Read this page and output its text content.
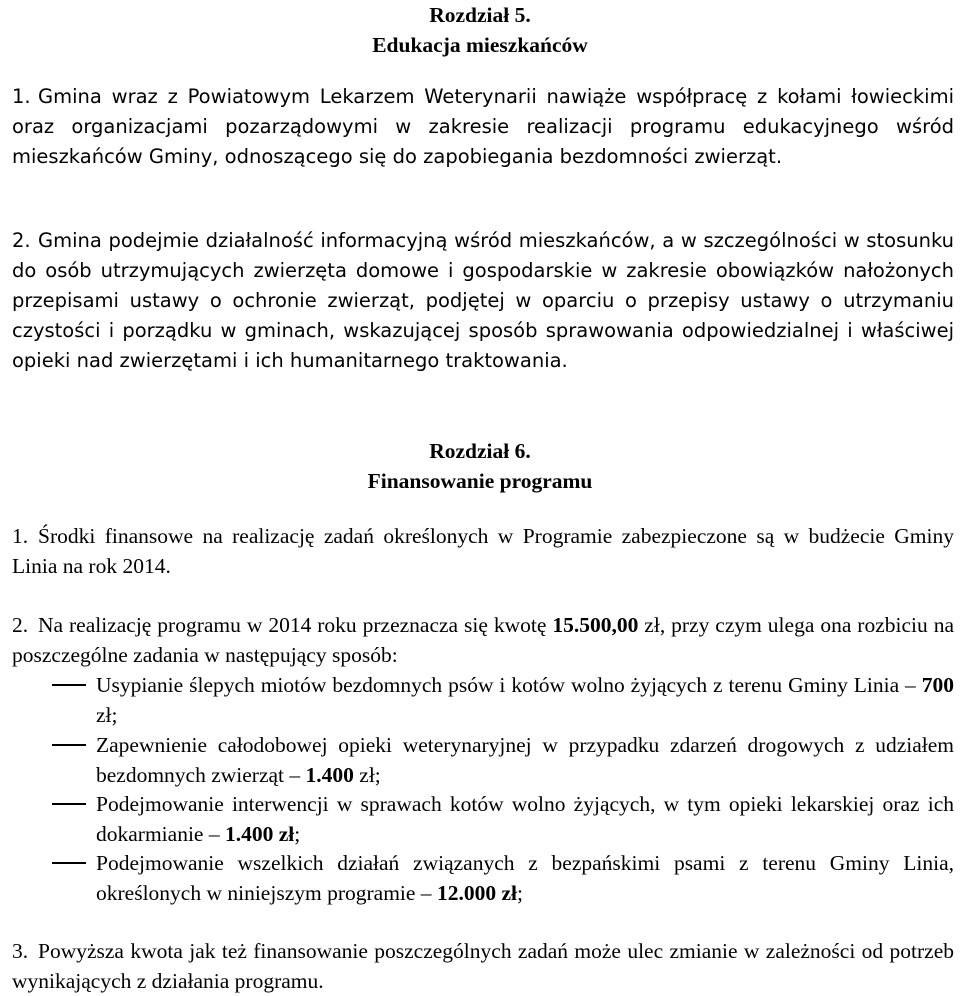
Rozdział 5.
Edukacja mieszkańców
1. Gmina wraz z Powiatowym Lekarzem Weterynarii nawiąże współpracę z kołami łowieckimi oraz organizacjami pozarządowymi w zakresie realizacji programu edukacyjnego wśród mieszkańców Gminy, odnoszącego się do zapobiegania bezdomności zwierząt.
2. Gmina podejmie działalność informacyjną wśród mieszkańców, a w szczególności w stosunku do osób utrzymujących zwierzęta domowe i gospodarskie w zakresie obowiązków nałożonych przepisami ustawy o ochronie zwierząt, podjętej w oparciu o przepisy ustawy o utrzymaniu czystości i porządku w gminach, wskazującej sposób sprawowania odpowiedzialnej i właściwej opieki nad zwierzętami i ich humanitarnego traktowania.
Rozdział 6.
Finansowanie programu
1. Środki finansowe na realizację zadań określonych w Programie zabezpieczone są w budżecie Gminy Linia na rok 2014.
2. Na realizację programu w 2014 roku przeznacza się kwotę 15.500,00 zł, przy czym ulega ona rozbiciu na poszczególne zadania w następujący sposób:
Usypianie ślepych miotów bezdomnych psów i kotów wolno żyjących z terenu Gminy Linia – 700 zł;
Zapewnienie całodobowej opieki weterynaryjnej w przypadku zdarzeń drogowych z udziałem bezdomnych zwierząt – 1.400 zł;
Podejmowanie interwencji w sprawach kotów wolno żyjących, w tym opieki lekarskiej oraz ich dokarmianie – 1.400 zł;
Podejmowanie wszelkich działań związanych z bezpańskimi psami z terenu Gminy Linia, określonych w niniejszym programie – 12.000 zł;
3. Powyższa kwota jak też finansowanie poszczególnych zadań może ulec zmianie w zależności od potrzeb wynikających z działania programu.
